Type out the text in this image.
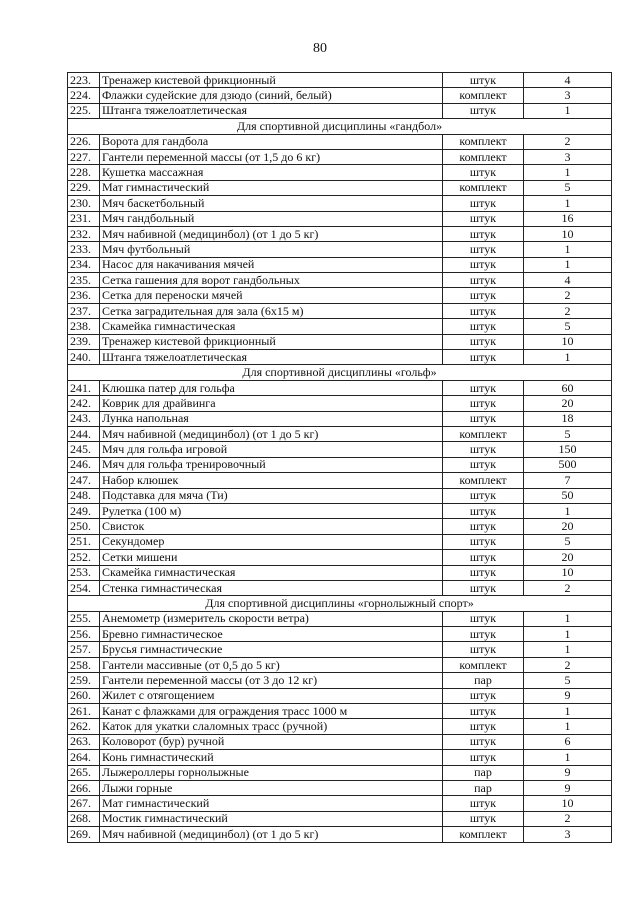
80
223.	Тренажер кистевой фрикционный	штук	4
224.	Флажки судейские для дзюдо (синий, белый)	комплект	3
225.	Штанга тяжелоатлетическая	штук	1
Для спортивной дисциплины «гандбол»			
226.	Ворота для гандбола	комплект	2
227.	Гантели переменной массы (от 1,5 до 6 кг)	комплект	3
228.	Кушетка массажная	штук	1
229.	Мат гимнастический	комплект	5
230.	Мяч баскетбольный	штук	1
231.	Мяч гандбольный	штук	16
232.	Мяч набивной (медицинбол) (от 1 до 5 кг)	штук	10
233.	Мяч футбольный	штук	1
234.	Насос для накачивания мячей	штук	1
235.	Сетка гашения для ворот гандбольных	штук	4
236.	Сетка для переноски мячей	штук	2
237.	Сетка заградительная для зала (6х15 м)	штук	2
238.	Скамейка гимнастическая	штук	5
239.	Тренажер кистевой фрикционный	штук	10
240.	Штанга тяжелоатлетическая	штук	1
Для спортивной дисциплины «гольф»			
241.	Клюшка патер для гольфа	штук	60
242.	Коврик для драйвинга	штук	20
243.	Лунка напольная	штук	18
244.	Мяч набивной (медицинбол) (от 1 до 5 кг)	комплект	5
245.	Мяч для гольфа игровой	штук	150
246.	Мяч для гольфа тренировочный	штук	500
247.	Набор клюшек	комплект	7
248.	Подставка для мяча (Ти)	штук	50
249.	Рулетка (100 м)	штук	1
250.	Свисток	штук	20
251.	Секундомер	штук	5
252.	Сетки мишени	штук	20
253.	Скамейка гимнастическая	штук	10
254.	Стенка гимнастическая	штук	2
Для спортивной дисциплины «горнолыжный спорт»			
255.	Анемометр (измеритель скорости ветра)	штук	1
256.	Бревно гимнастическое	штук	1
257.	Брусья гимнастические	штук	1
258.	Гантели массивные (от 0,5 до 5 кг)	комплект	2
259.	Гантели переменной массы (от 3 до 12 кг)	пар	5
260.	Жилет с отягощением	штук	9
261.	Канат с флажками для ограждения трасс 1000 м	штук	1
262.	Каток для укатки слаломных трасс (ручной)	штук	1
263.	Коловорот (бур) ручной	штук	6
264.	Конь гимнастический	штук	1
265.	Лыжероллеры горнолыжные	пар	9
266.	Лыжи горные	пар	9
267.	Мат гимнастический	штук	10
268.	Мостик гимнастический	штук	2
269.	Мяч набивной (медицинбол) (от 1 до 5 кг)	комплект	3
